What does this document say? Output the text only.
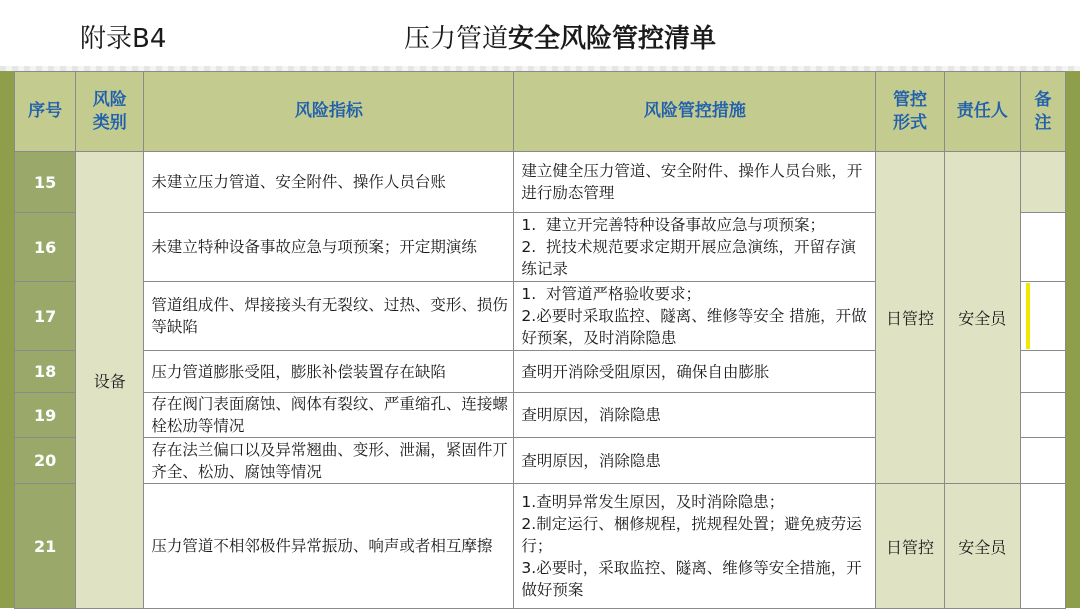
附录B4	压力管道安全风险管控清单
序号	风险类别	风险指标	风险管控措施	管控形式	责任人	备注

15	设备	未建立压力管道、安全附件、操作人员台账	建立健全压力管道、安全附件、操作人员台账，开进行励态管理	日管控	安全员	
16		未建立特种设备事故应急与项预案；开定期演练	1.  建立开完善特种设备事故应急与项预案；
2.  挄技术规范要求定期开展应急演练，开留存演练记录			
17		管道组成件、焊接接头有无裂纹、过热、变形、损伤等缺陷	1.  对管道严格验收要求；
2.必要时采取监控、隧离、维修等安全 措施，开做好预案，及时消除隐患			
18		压力管道膨胀受阻，膨胀补偿装置存在缺陷	查明开消除受阻原因，确保自由膨胀			
19		存在阀门表面腐蚀、阀体有裂纹、严重缩孔、连接螺栓松劢等情况	查明原因，消除隐患			
20		存在法兰偏口以及异常翘曲、变形、泄漏，紧固件丌齐全、松劢、腐蚀等情况	查明原因，消除隐患			
21		压力管道不相邻极件异常振劢、响声或者相互摩擦	1.查明异常发生原因，及时消除隐患；
2.制定运行、梱修规程，挄规程处置；避免疲劳运行；
3.必要时，采取监控、隧离、维修等安全措施，开做好预案	日管控	安全员	
